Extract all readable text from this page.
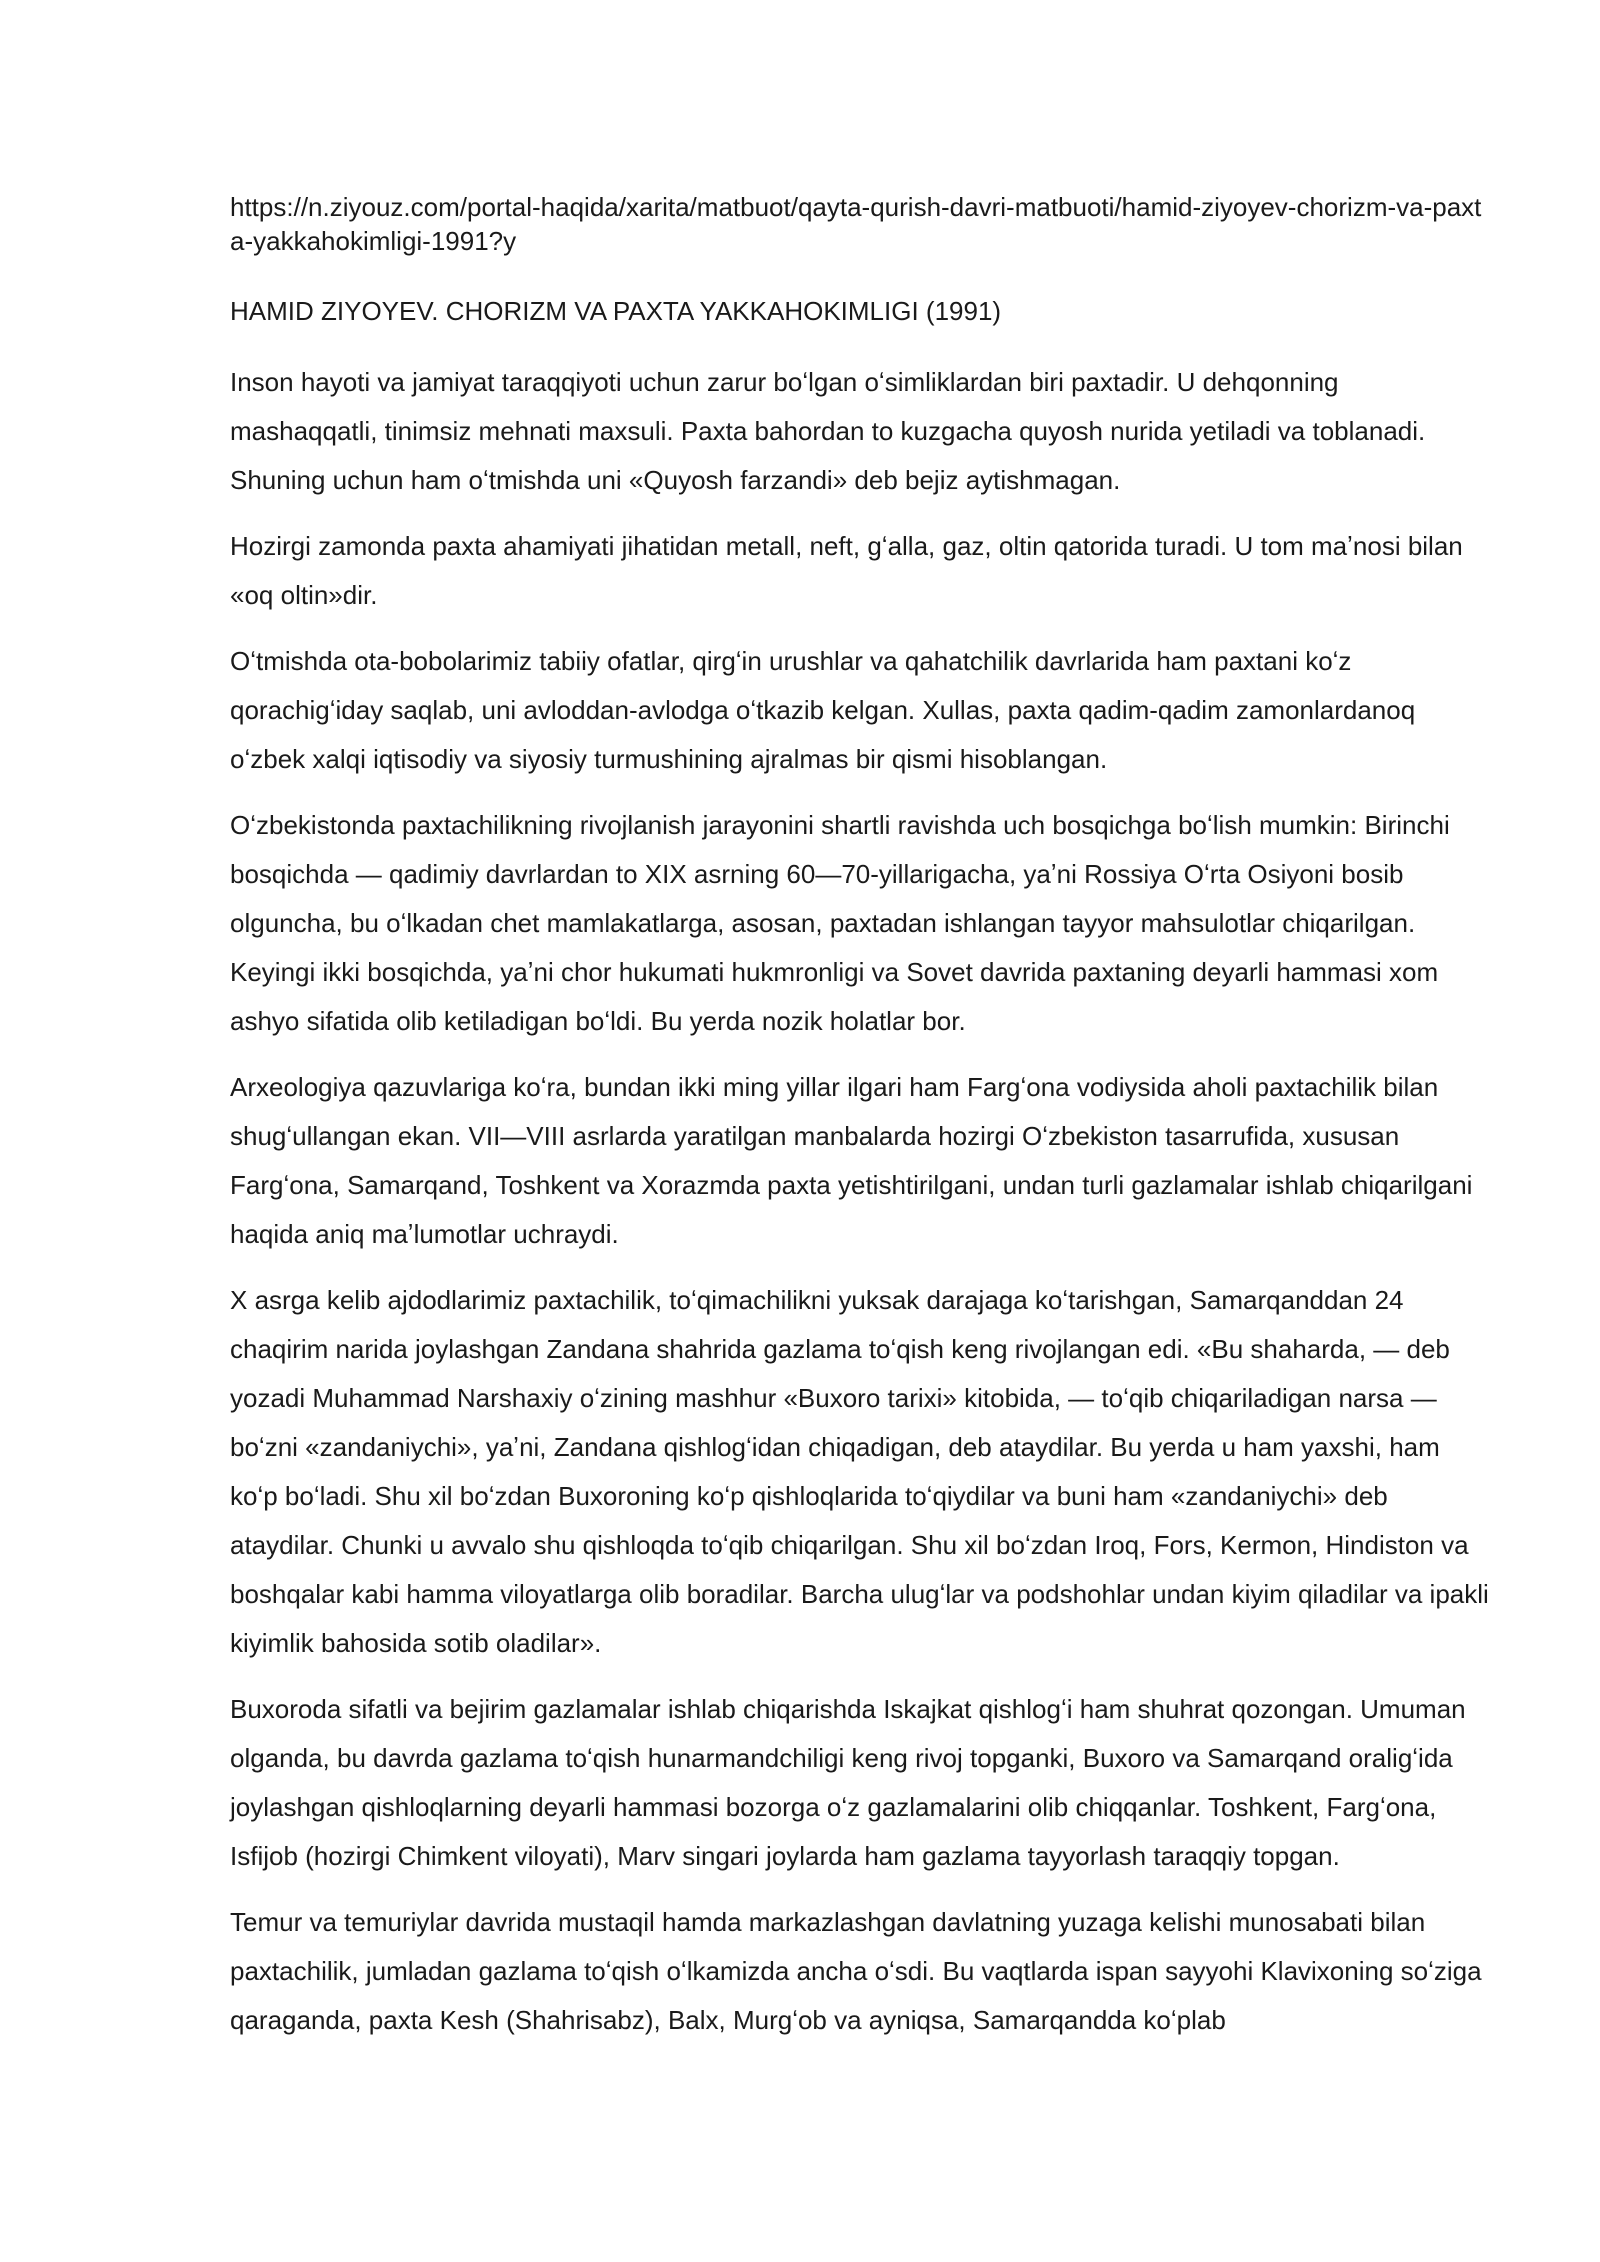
https://n.ziyouz.com/portal-haqida/xarita/matbuot/qayta-qurish-davri-matbuoti/hamid-ziyoyev-chorizm-va-paxta-yakkahokimligi-1991?y

HAMID ZIYOYEV. CHORIZM VA PAXTA YAKKAHOKIMLIGI (1991)

Inson hayoti va jamiyat taraqqiyoti uchun zarur boʻlgan oʻsimliklardan biri paxtadir. U dehqonning mashaqqatli, tinimsiz mehnati maxsuli. Paxta bahordan to kuzgacha quyosh nurida yetiladi va toblanadi. Shuning uchun ham oʻtmishda uni «Quyosh farzandi» deb bejiz aytishmagan.

Hozirgi zamonda paxta ahamiyati jihatidan metall, neft, gʻalla, gaz, oltin qatorida turadi. U tom maʼnosi bilan «oq oltin»dir.

Oʻtmishda ota-bobolarimiz tabiiy ofatlar, qirgʻin urushlar va qahatchilik davrlarida ham paxtani koʻz qorachigʻiday saqlab, uni avloddan-avlodga oʻtkazib kelgan. Xullas, paxta qadim-qadim zamonlardanoq oʻzbek xalqi iqtisodiy va siyosiy turmushining ajralmas bir qismi hisoblangan.

Oʻzbekistonda paxtachilikning rivojlanish jarayonini shartli ravishda uch bosqichga boʻlish mumkin: Birinchi bosqichda — qadimiy davrlardan to XIX asrning 60—70-yillarigacha, yaʼni Rossiya Oʻrta Osiyoni bosib olguncha, bu oʻlkadan chet mamlakatlarga, asosan, paxtadan ishlangan tayyor mahsulotlar chiqarilgan. Keyingi ikki bosqichda, yaʼni chor hukumati hukmronligi va Sovet davrida paxtaning deyarli hammasi xom ashyo sifatida olib ketiladigan boʻldi. Bu yerda nozik holatlar bor.

Arxeologiya qazuvlariga koʻra, bundan ikki ming yillar ilgari ham Fargʻona vodiysida aholi paxtachilik bilan shugʻullangan ekan. VII—VIII asrlarda yaratilgan manbalarda hozirgi Oʻzbekiston tasarrufida, xususan Fargʻona, Samarqand, Toshkent va Xorazmda paxta yetishtirilgani, undan turli gazlamalar ishlab chiqarilgani haqida aniq maʼlumotlar uchraydi.

X asrga kelib ajdodlarimiz paxtachilik, toʻqimachilikni yuksak darajaga koʻtarishgan, Samarqanddan 24 chaqirim narida joylashgan Zandana shahrida gazlama toʻqish keng rivojlangan edi. «Bu shaharda, — deb yozadi Muhammad Narshaxiy oʻzining mashhur «Buxoro tarixi» kitobida, — toʻqib chiqariladigan narsa — boʻzni «zandaniychi», yaʼni, Zandana qishlogʻidan chiqadigan, deb ataydilar. Bu yerda u ham yaxshi, ham koʻp boʻladi. Shu xil boʻzdan Buxoroning koʻp qishloqlarida toʻqiydilar va buni ham «zandaniychi» deb ataydilar. Chunki u avvalo shu qishloqda toʻqib chiqarilgan. Shu xil boʻzdan Iroq, Fors, Kermon, Hindiston va boshqalar kabi hamma viloyatlarga olib boradilar. Barcha ulugʻlar va podshohlar undan kiyim qiladilar va ipakli kiyimlik bahosida sotib oladilar».

Buxoroda sifatli va bejirim gazlamalar ishlab chiqarishda Iskajkat qishlogʻi ham shuhrat qozongan. Umuman olganda, bu davrda gazlama toʻqish hunarmandchiligi keng rivoj topganki, Buxoro va Samarqand oraligʻida joylashgan qishloqlarning deyarli hammasi bozorga oʻz gazlamalarini olib chiqqanlar. Toshkent, Fargʻona, Isfijob (hozirgi Chimkent viloyati), Marv singari joylarda ham gazlama tayyorlash taraqqiy topgan.

Temur va temuriylar davrida mustaqil hamda markazlashgan davlatning yuzaga kelishi munosabati bilan paxtachilik, jumladan gazlama toʻqish oʻlkamizda ancha oʻsdi. Bu vaqtlarda ispan sayyohi Klavixoning soʻziga qaraganda, paxta Kesh (Shahrisabz), Balx, Murgʻob va ayniqsa, Samarqandda koʻplab
